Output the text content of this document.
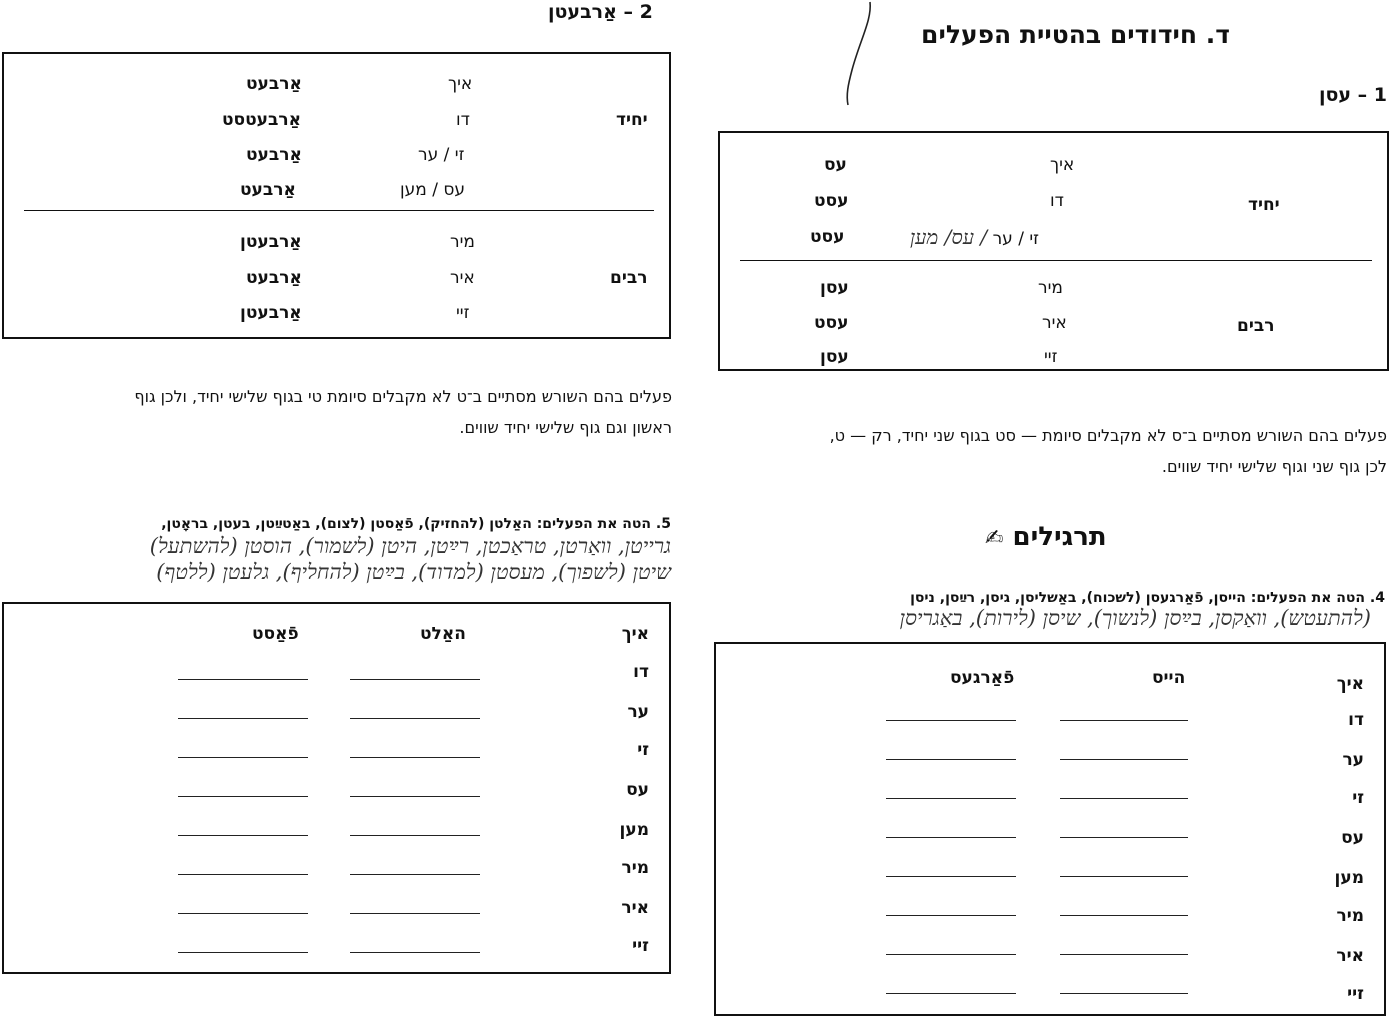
ד. חידודים בהטיית הפעלים
1 – עסן
יחיד
רבים
איך
דו
זי / ער / עס/ מען
מיר
איר
זיי
עס
עסט
עסט
עסן
עסט
עסן
פעלים בהם השורש מסתיים ב־ס לא מקבלים סיומת — סט בגוף שני יחיד, רק — ט,
לכן גוף שני וגוף שלישי יחיד שווים.
תרגילים ✍
4. הטה את הפעלים: הייסן, פֿאַרגעסן (לשכוח), באַשליסן, גיסן, רײַסן, ניסן
(להתעטש), וואַקסן, בײַסן (לנשוך), שיסן (לירות), באַגריסן
הייס
פֿאַרגעס	איך
דו
ער
זי
עס
מען
מיר
איר
זיי
2 – אַרבעטן
יחיד
רבים
איך
דו
זי / ער
עס / מען
מיר
איר
זיי
אַרבעט
אַרבעטסט
אַרבעט
אַרבעט
אַרבעטן
אַרבעט
אַרבעטן
פעלים בהם השורש מסתיים ב־ט לא מקבלים סיומת טי בגוף שלישי יחיד, ולכן גוף
ראשון וגם גוף שלישי יחיד שווים.
5. הטה את הפעלים: האַלטן (להחזיק), פֿאַסטן (לצום), באַטײַטן, בעטן, בראָטן,
גרייטן, וואַרטן, טראַכטן, רײַטן, היטן (לשמור), הוסטן (להשתעל)
שיטן (לשפוך), מעסטן (למדוד), בײַטן (להחליף), גלעטן (ללטף)
האַלט
פֿאַסט	איך
דו
ער
זי
עס
מען
מיר
איר
זיי
